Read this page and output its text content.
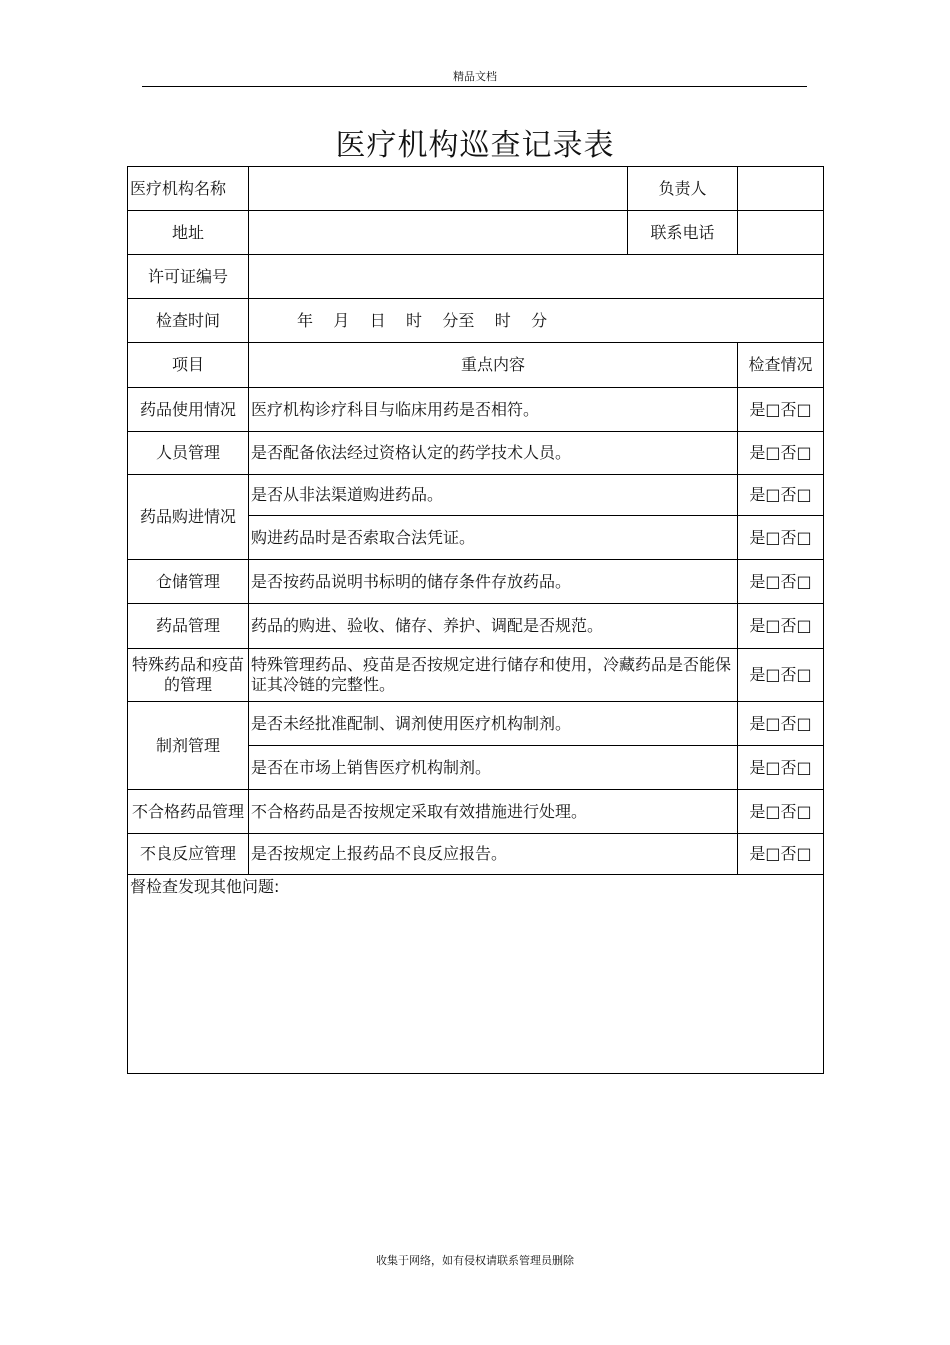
精品文档
医疗机构巡查记录表
医疗机构名称		负责人	
地址		联系电话	
许可证编号			
检查时间	年    月    日    时    分至    时    分		
项目	重点内容		检查情况
药品使用情况	医疗机构诊疗科目与临床用药是否相符。		是□否□
人员管理	是否配备依法经过资格认定的药学技术人员。		是□否□
药品购进情况	是否从非法渠道购进药品。		是□否□
	购进药品时是否索取合法凭证。		是□否□
仓储管理	是否按药品说明书标明的储存条件存放药品。		是□否□
药品管理	药品的购进、验收、储存、养护、调配是否规范。		是□否□
特殊药品和疫苗的管理	特殊管理药品、疫苗是否按规定进行储存和使用，冷藏药品是否能保证其冷链的完整性。		是□否□
制剂管理	是否未经批准配制、调剂使用医疗机构制剂。		是□否□
	是否在市场上销售医疗机构制剂。		是□否□
不合格药品管理	不合格药品是否按规定采取有效措施进行处理。		是□否□
不良反应管理	是否按规定上报药品不良反应报告。		是□否□
督检查发现其他问题:			
收集于网络，如有侵权请联系管理员删除
